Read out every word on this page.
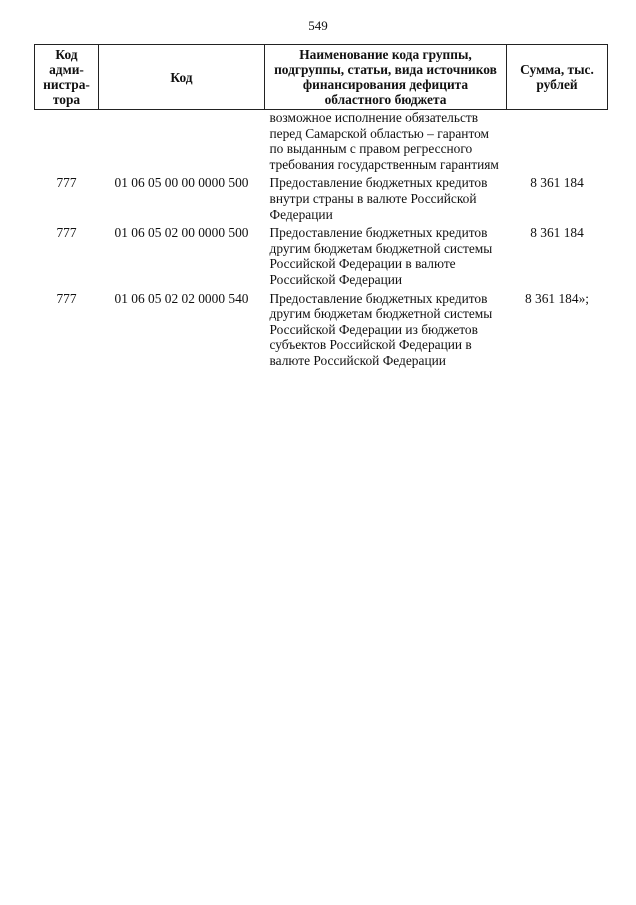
549
Код адми-нистра-тора	Код	Наименование кода группы, подгруппы, статьи, вида источников финансирования дефицита областного бюджета	Сумма, тыс. рублей
		возможное исполнение обязательств перед Самарской областью – гарантом по выданным с правом регрессного требования государственным гарантиям	
777	01 06 05 00 00 0000 500	Предоставление бюджетных кредитов внутри страны в валюте Российской Федерации	8 361 184
777	01 06 05 02 00 0000 500	Предоставление бюджетных кредитов другим бюджетам бюджетной системы Российской Федерации в валюте Российской Федерации	8 361 184
777	01 06 05 02 02 0000 540	Предоставление бюджетных кредитов другим бюджетам бюджетной системы Российской Федерации из бюджетов субъектов Российской Федерации в валюте Российской Федерации	8 361 184»;
